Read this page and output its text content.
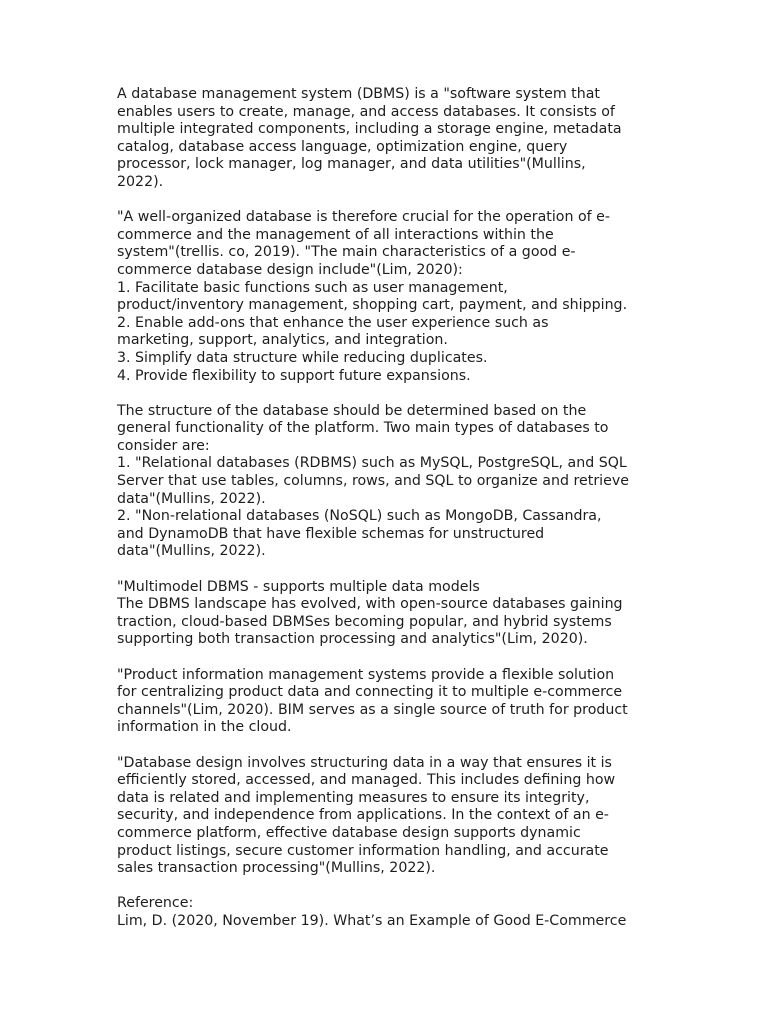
A database management system (DBMS) is a "software system that
enables users to create, manage, and access databases. It consists of
multiple integrated components, including a storage engine, metadata
catalog, database access language, optimization engine, query
processor, lock manager, log manager, and data utilities"(Mullins,
2022).

"A well-organized database is therefore crucial for the operation of e-
commerce and the management of all interactions within the
system"(trellis. co, 2019). "The main characteristics of a good e-
commerce database design include"(Lim, 2020):
1. Facilitate basic functions such as user management,
product/inventory management, shopping cart, payment, and shipping.
2. Enable add-ons that enhance the user experience such as
marketing, support, analytics, and integration.
3. Simplify data structure while reducing duplicates.
4. Provide flexibility to support future expansions.

The structure of the database should be determined based on the
general functionality of the platform. Two main types of databases to
consider are:
1. "Relational databases (RDBMS) such as MySQL, PostgreSQL, and SQL
Server that use tables, columns, rows, and SQL to organize and retrieve
data"(Mullins, 2022).
2. "Non-relational databases (NoSQL) such as MongoDB, Cassandra,
and DynamoDB that have flexible schemas for unstructured
data"(Mullins, 2022).

"Multimodel DBMS - supports multiple data models
The DBMS landscape has evolved, with open-source databases gaining
traction, cloud-based DBMSes becoming popular, and hybrid systems
supporting both transaction processing and analytics"(Lim, 2020).

"Product information management systems provide a flexible solution
for centralizing product data and connecting it to multiple e-commerce
channels"(Lim, 2020). BIM serves as a single source of truth for product
information in the cloud.

"Database design involves structuring data in a way that ensures it is
efficiently stored, accessed, and managed. This includes defining how
data is related and implementing measures to ensure its integrity,
security, and independence from applications. In the context of an e-
commerce platform, effective database design supports dynamic
product listings, secure customer information handling, and accurate
sales transaction processing"(Mullins, 2022).

Reference:
Lim, D. (2020, November 19). What’s an Example of Good E-Commerce
